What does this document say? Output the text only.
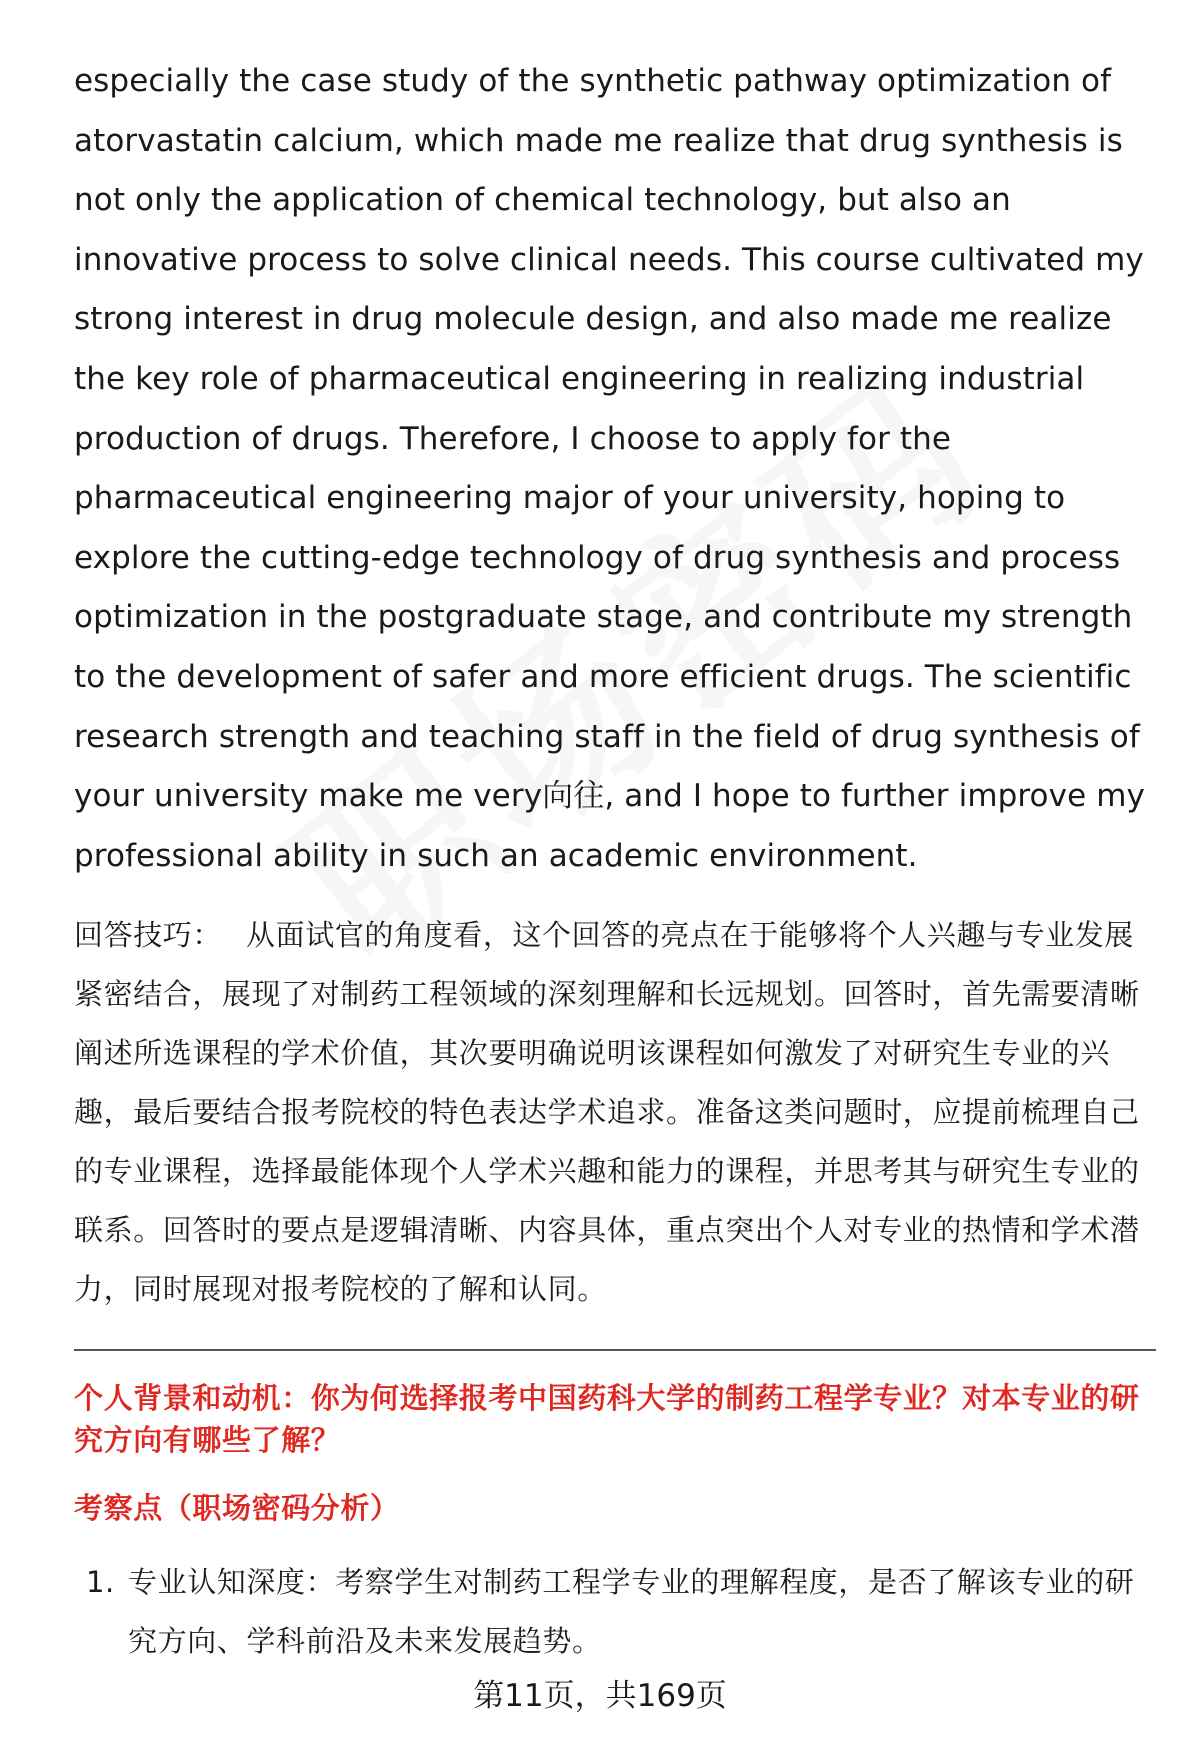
especially the case study of the synthetic pathway optimization of atorvastatin calcium, which made me realize that drug synthesis is not only the application of chemical technology, but also an innovative process to solve clinical needs. This course cultivated my strong interest in drug molecule design, and also made me realize the key role of pharmaceutical engineering in realizing industrial production of drugs. Therefore, I choose to apply for the pharmaceutical engineering major of your university, hoping to explore the cutting-edge technology of drug synthesis and process optimization in the postgraduate stage, and contribute my strength to the development of safer and more efficient drugs. The scientific research strength and teaching staff in the field of drug synthesis of your university make me very向往, and I hope to further improve my professional ability in such an academic environment.

回答技巧： 从面试官的角度看，这个回答的亮点在于能够将个人兴趣与专业发展紧密结合，展现了对制药工程领域的深刻理解和长远规划。回答时，首先需要清晰阐述所选课程的学术价值，其次要明确说明该课程如何激发了对研究生专业的兴趣，最后要结合报考院校的特色表达学术追求。准备这类问题时，应提前梳理自己的专业课程，选择最能体现个人学术兴趣和能力的课程，并思考其与研究生专业的联系。回答时的要点是逻辑清晰、内容具体，重点突出个人对专业的热情和学术潜力，同时展现对报考院校的了解和认同。
个人背景和动机：你为何选择报考中国药科大学的制药工程学专业？对本专业的研究方向有哪些了解？
考察点（职场密码分析）
1. 专业认知深度：考察学生对制药工程学专业的理解程度，是否了解该专业的研究方向、学科前沿及未来发展趋势。
第11页，共169页
